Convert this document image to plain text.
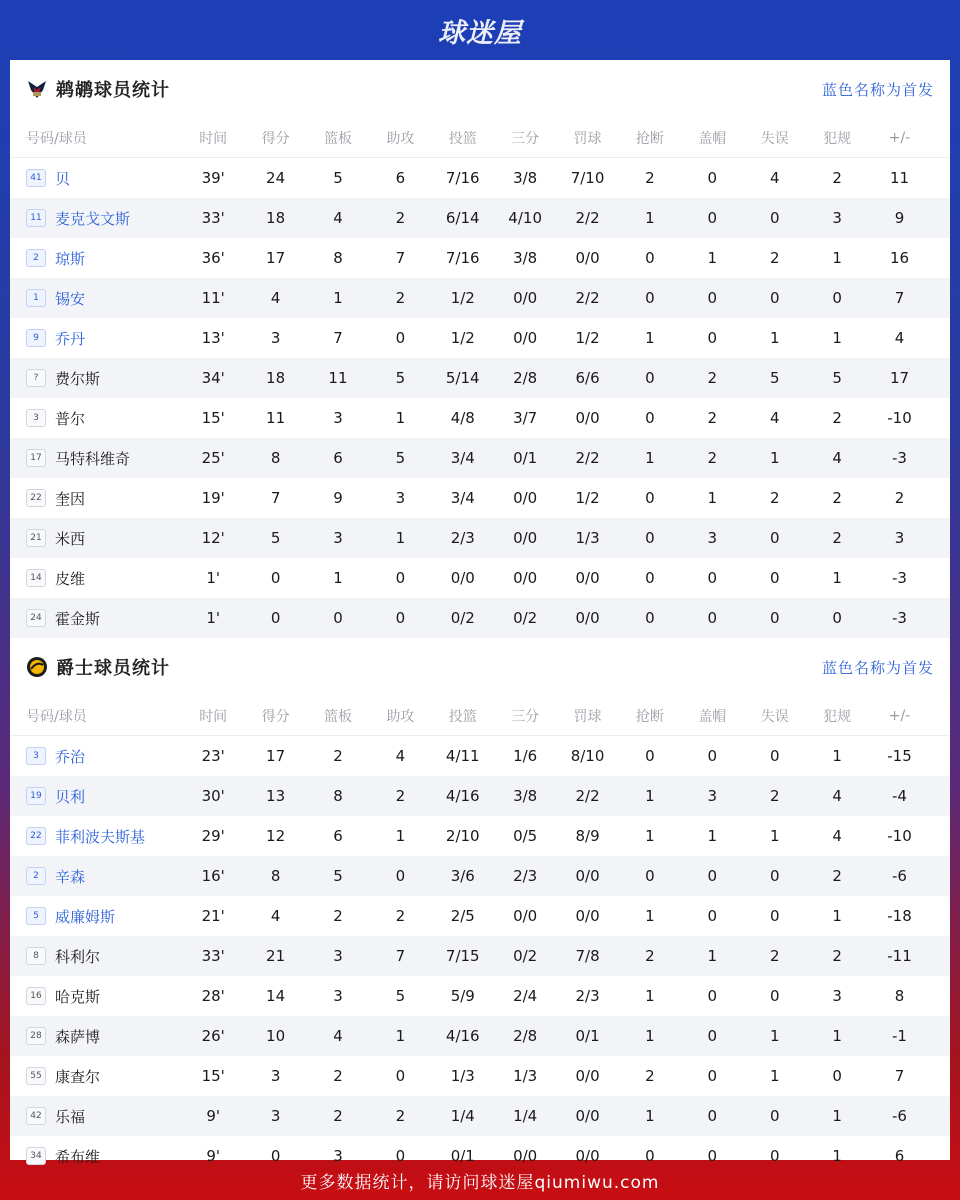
球迷屋
鹈鹕球员统计	蓝色名称为首发
号码/球员	时间	得分	篮板	助攻	投篮	三分	罚球	抢断	盖帽	失误	犯规	+/-
41 贝	39'	24	5	6	7/16	3/8	7/10	2	0	4	2	11
11 麦克戈文斯	33'	18	4	2	6/14	4/10	2/2	1	0	0	3	9
2	琼斯	36'	17	8	7	7/16	3/8	0/0	0	1	2	1	16
1	锡安	11'	4	1	2	1/2	0/0	2/2	0	0	0	0	7
9	乔丹	13'	3	7	0	1/2	0/0	1/2	1	0	1	1	4
?	费尔斯	34'	18	11	5	5/14	2/8	6/6	0	2	5	5	17
3	普尔	15'	11	3	1	4/8	3/7	0/0	0	2	4	2	-10
17 马特科维奇	25'	8	6	5	3/4	0/1	2/2	1	2	1	4	-3
22 奎因	19'	7	9	3	3/4	0/0	1/2	0	1	2	2	2
21 米西	12'	5	3	1	2/3	0/0	1/3	0	3	0	2	3
14 皮维	1'	0	1	0	0/0	0/0	0/0	0	0	0	1	-3
24 霍金斯	1'	0	0	0	0/2	0/2	0/0	0	0	0	0	-3
爵士球员统计	蓝色名称为首发
号码/球员	时间	得分	篮板	助攻	投篮	三分	罚球	抢断	盖帽	失误	犯规	+/-
3	乔治	23'	17	2	4	4/11	1/6	8/10	0	0	0	1	-15
19 贝利	30'	13	8	2	4/16	3/8	2/2	1	3	2	4	-4
22 菲利波夫斯基	29'	12	6	1	2/10	0/5	8/9	1	1	1	4	-10
2	辛森	16'	8	5	0	3/6	2/3	0/0	0	0	0	2	-6
5	威廉姆斯	21'	4	2	2	2/5	0/0	0/0	1	0	0	1	-18
8	科利尔	33'	21	3	7	7/15	0/2	7/8	2	1	2	2	-11
16 哈克斯	28'	14	3	5	5/9	2/4	2/3	1	0	0	3	8
28 森萨博	26'	10	4	1	4/16	2/8	0/1	1	0	1	1	-1
55 康查尔	15'	3	2	0	1/3	1/3	0/0	2	0	1	0	7
42 乐福	9'	3	2	2	1/4	1/4	0/0	1	0	0	1	-6
34 希布维	9'	0	3	0	0/1	0/0	0/0	0	0	0	1	6
更多数据统计，请访问球迷屋qiumiwu.com
